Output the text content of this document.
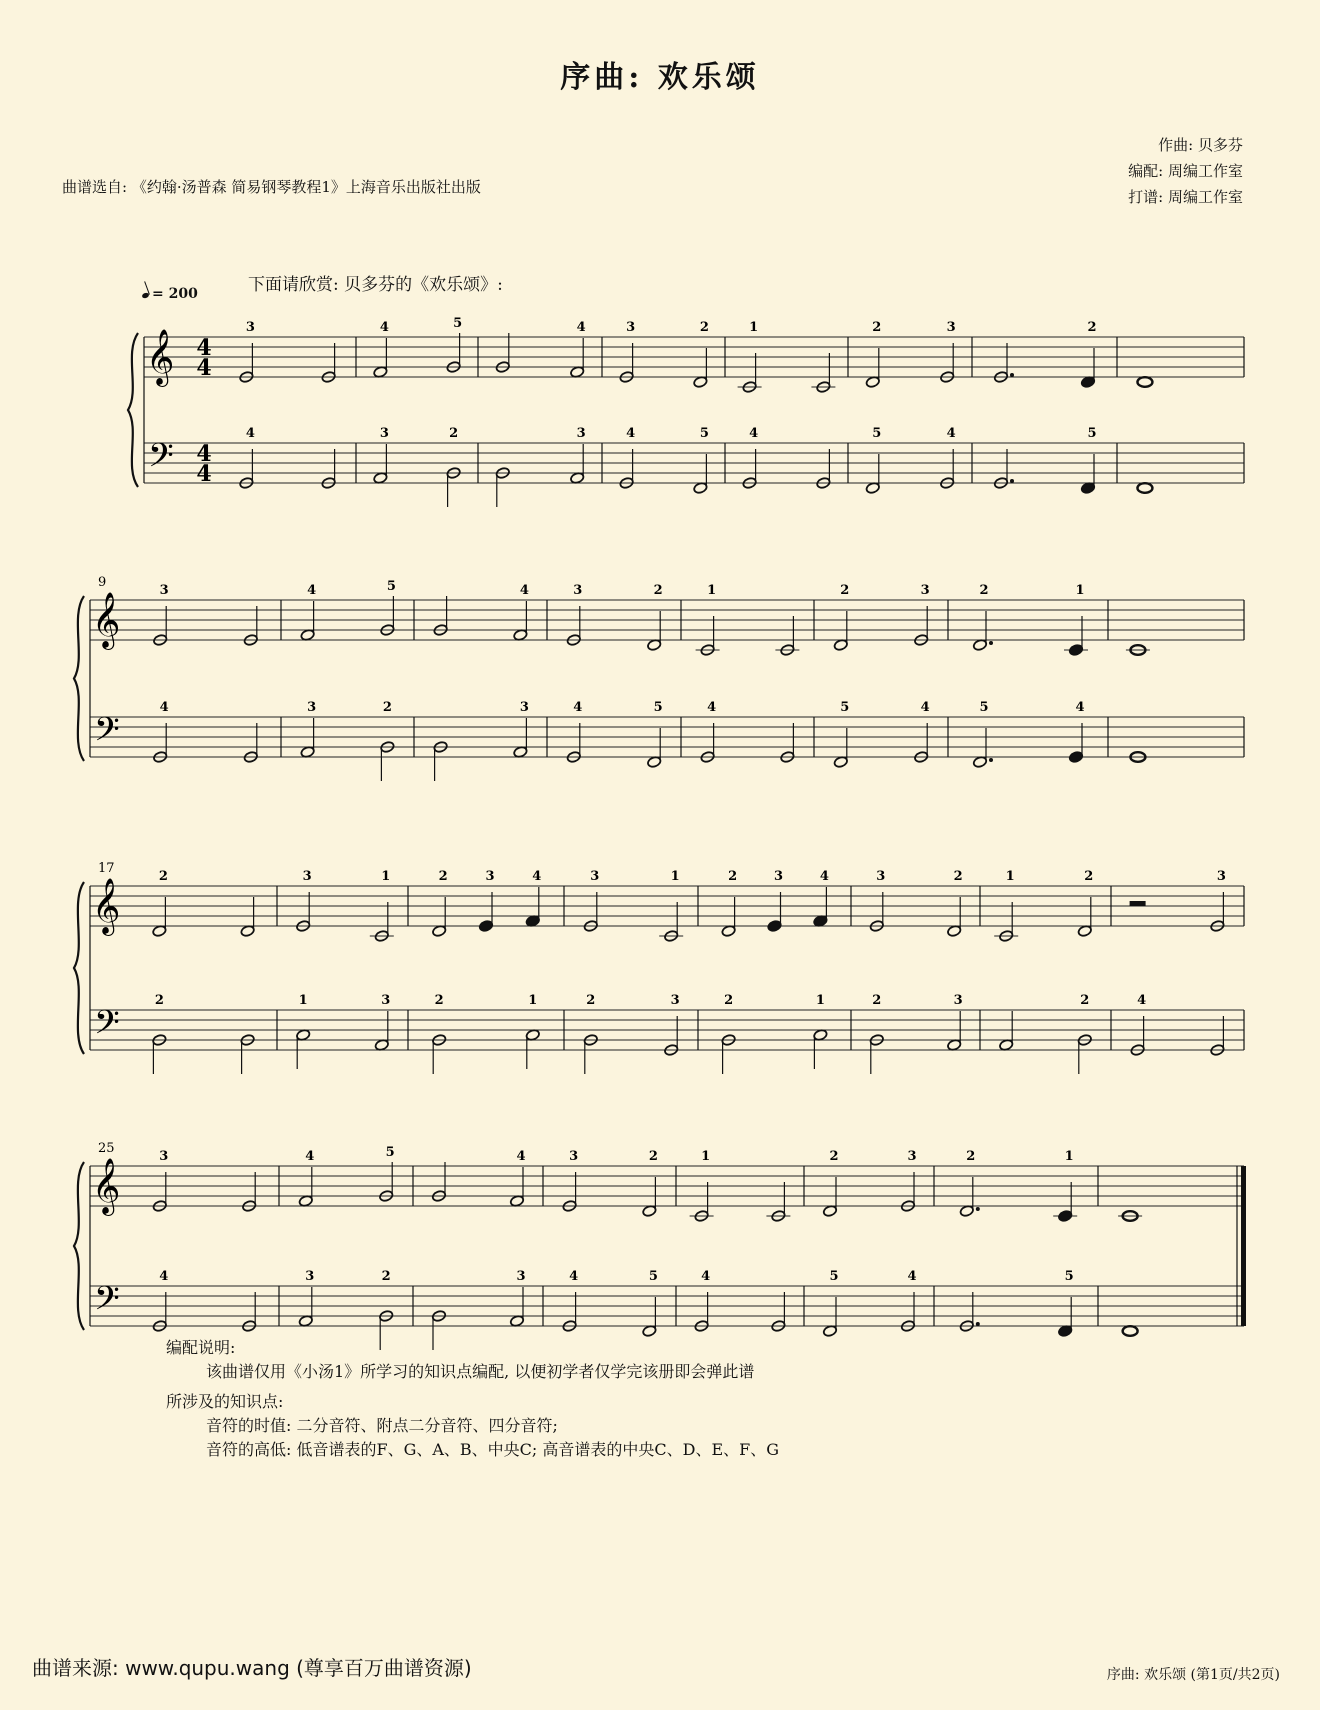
序曲: 欢乐颂
作曲: 贝多芬
编配: 周编工作室
打谱: 周编工作室
曲谱选自: 《约翰·汤普森 简易钢琴教程1》上海音乐出版社出版
下面请欣赏: 贝多芬的《欢乐颂》:
= 200
𝄞
𝄢
4
4
4
4
3
4
4	5
3	2
4
3
3	2
4	5
1
4
2	3
5	4
2
5
𝄞
𝄢
9
3
4
4	5
3	2
4
3
3	2
4	5
1
4
2	3
5	4
2	1
5	4
𝄞
𝄢
17
2
2
3	1
1	3
2	3	4
2	1
3	1
2	3
2	3	4
2	1
3	2
2	3
1	2
2
3
4
𝄞
𝄢
25
3
4
4	5
3	2
4
3
3	2
4	5
1
4
2	3
5	4
2	1
5
编配说明:
该曲谱仅用《小汤1》所学习的知识点编配, 以便初学者仅学完该册即会弹此谱
所涉及的知识点:
音符的时值: 二分音符、附点二分音符、四分音符;
音符的高低: 低音谱表的F、G、A、B、中央C; 高音谱表的中央C、D、E、F、G
曲谱来源: www.qupu.wang (尊享百万曲谱资源)	序曲: 欢乐颂 (第1页/共2页)
